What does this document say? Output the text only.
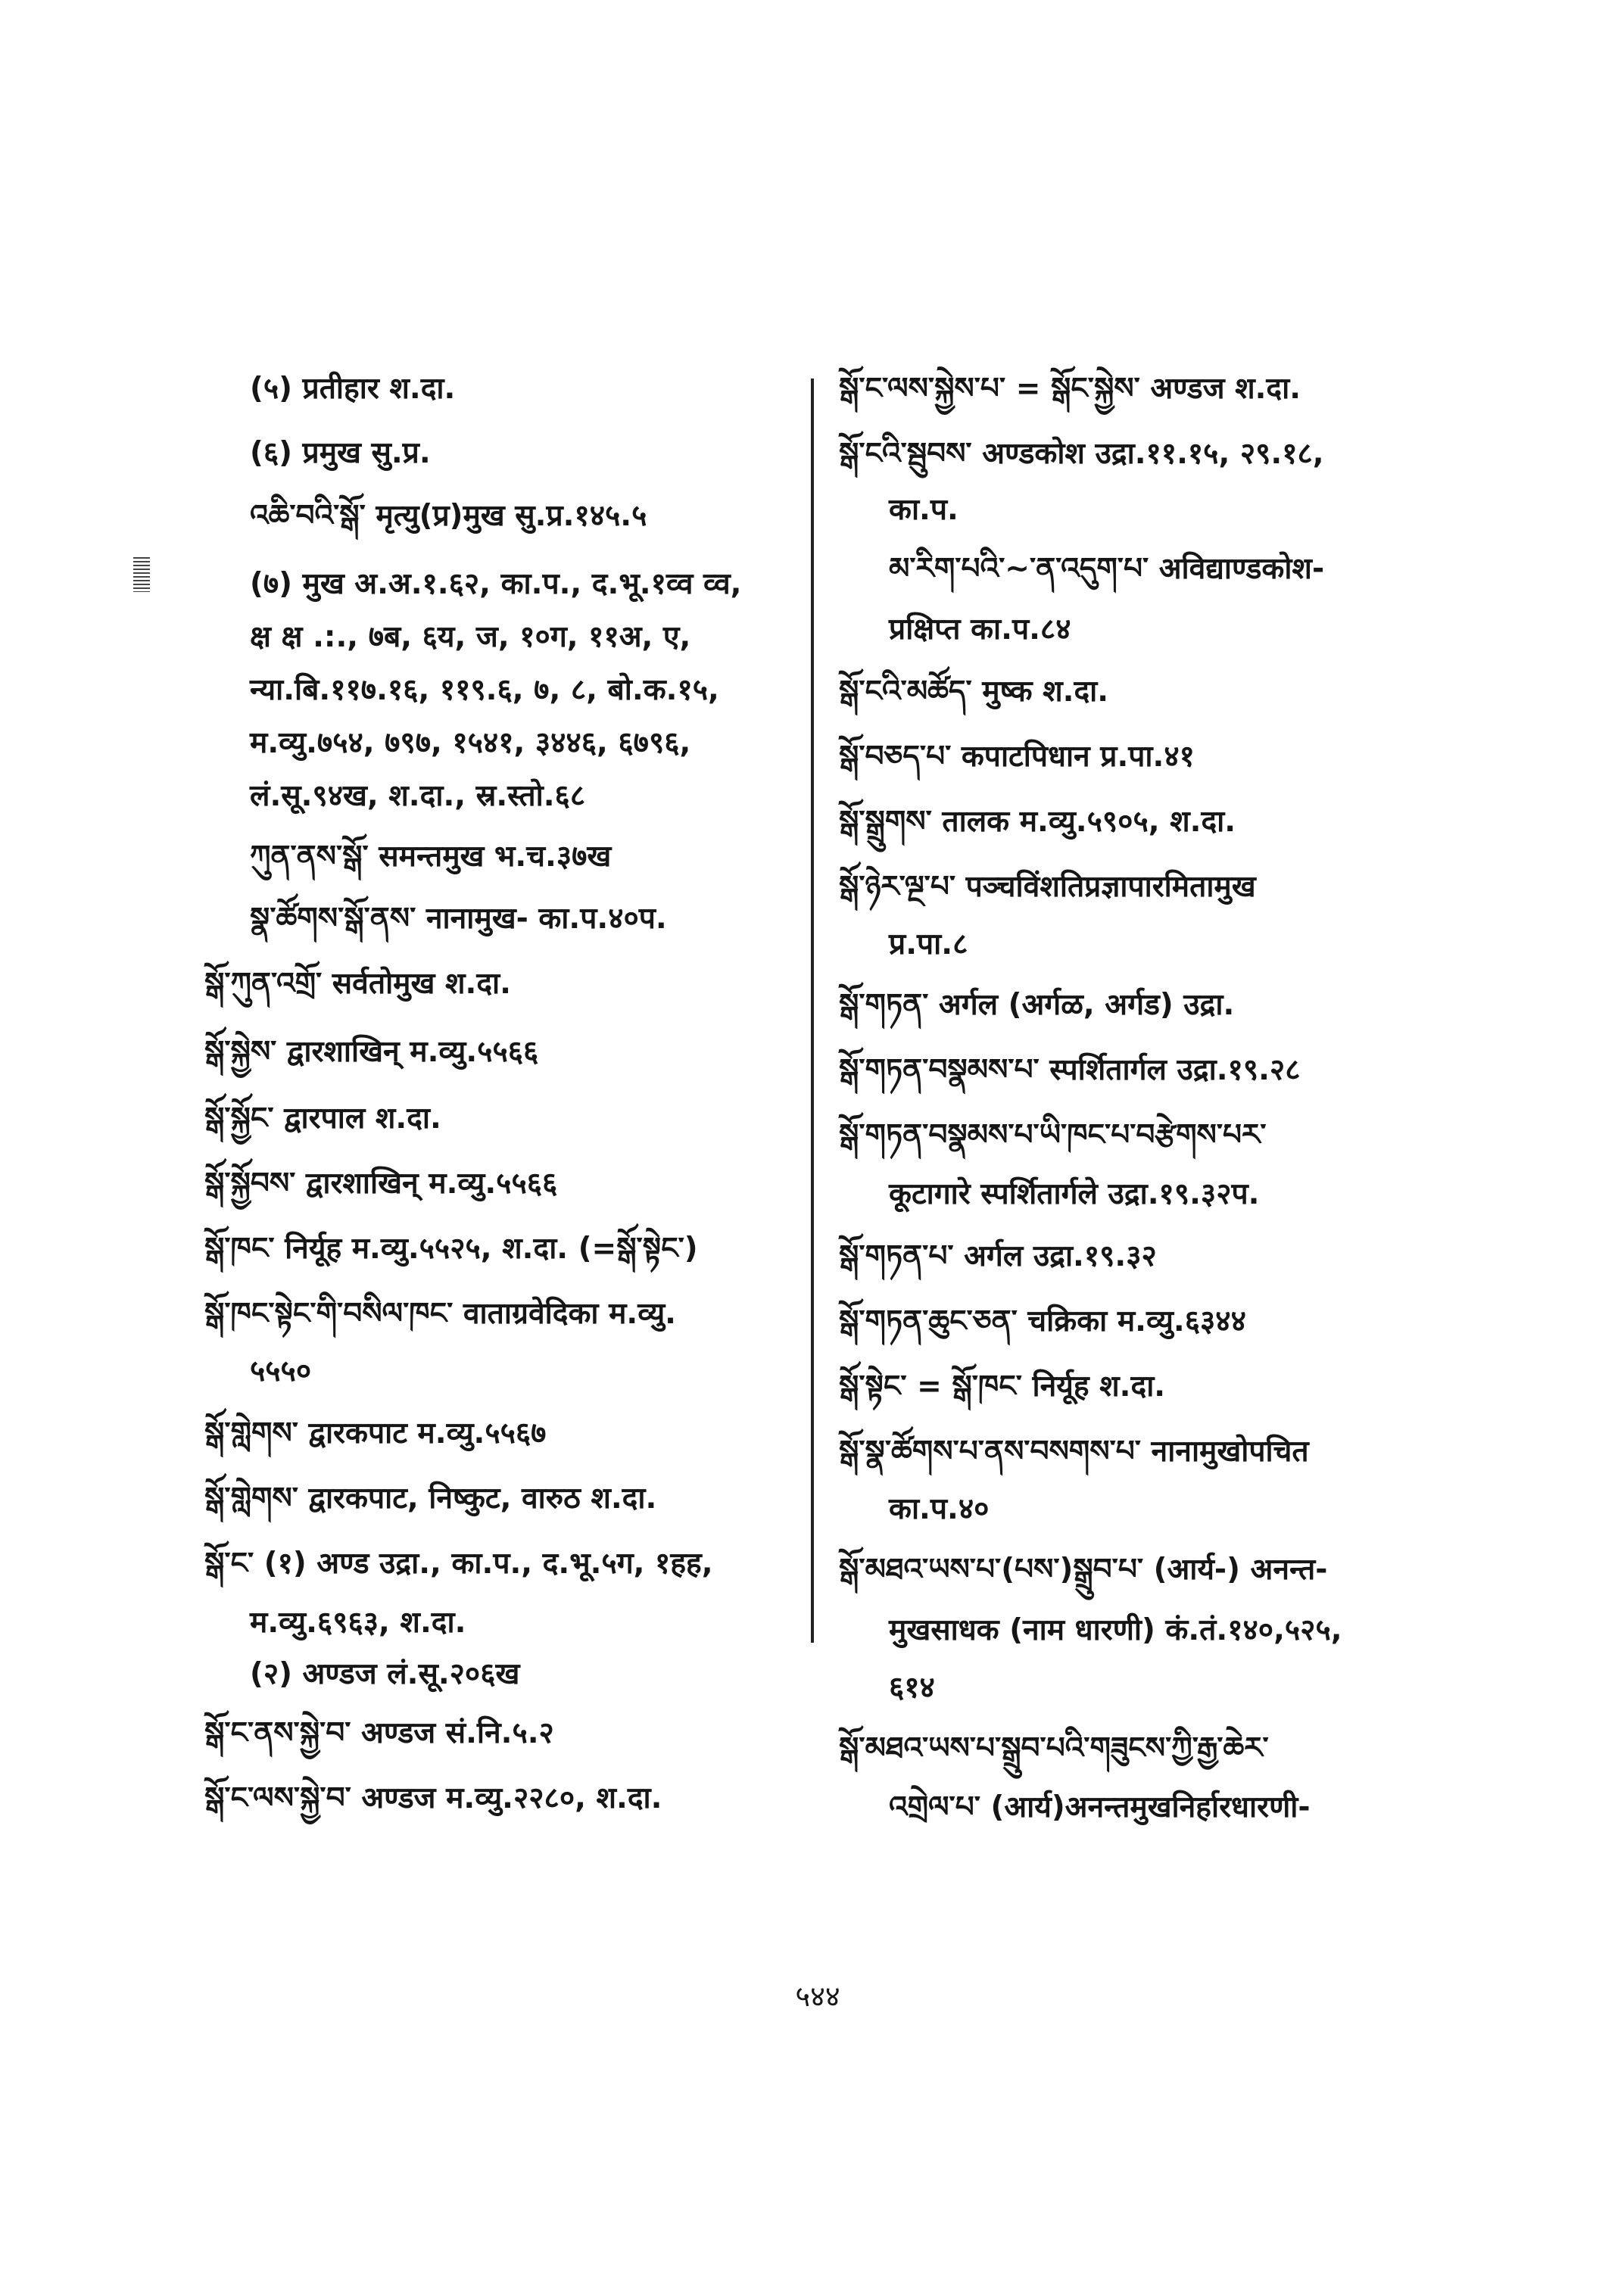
(५) प्रतीहार श.दा.
(६) प्रमुख सु.प्र.
འཆི་བའི་སྒོ་ मृत्यु(प्र)मुख सु.प्र.१४५.५
(७) मुख अ.अ.१.६२, का.प., द.भू.१व्व व्व,
क्ष क्ष .:., ७ब, ६य, ज, १०ग, ११अ, ए,
न्या.बि.११७.१६, ११९.६, ७, ८, बो.क.१५,
म.व्यु.७५४, ७९७, १५४१, ३४४६, ६७९६,
लं.सू.९४ख, श.दा., स्र.स्तो.६८
ཀུན་ནས་སྒོ་ समन्तमुख भ.च.३७ख
སྣ་ཚོགས་སྒོ་ནས་ नानामुख- का.प.४०प.
སྒོ་ཀུན་འགྲོ་ सर्वतोमुख श.दा.
སྒོ་སྐྱེས་ द्वारशाखिन् म.व्यु.५५६६
སྒོ་སྐྱོང་ द्वारपाल श.दा.
སྒོ་སྐྱོབས་ द्वारशाखिन् म.व्यु.५५६६
སྒོ་ཁང་ निर्यूह म.व्यु.५५२५, श.दा. (=སྒོ་སྟེང་)
སྒོ་ཁང་སྟེང་གི་བསིལ་ཁང་ वाताग्रवेदिका म.व्यु.
५५५०
སྒོ་གླེགས་ द्वारकपाट म.व्यु.५५६७
སྒོ་གླེགས་ द्वारकपाट, निष्कुट, वारुठ श.दा.
སྒོ་ང་ (१) अण्ड उद्रा., का.प., द.भू.५ग, १हह,
म.व्यु.६९६३, श.दा.
(२) अण्डज लं.सू.२०६ख
སྒོ་ང་ནས་སྐྱེ་བ་ अण्डज सं.नि.५.२
སྒོ་ང་ལས་སྐྱེ་བ་ अण्डज म.व्यु.२२८०, श.दा.
སྒོ་ང་ལས་སྐྱེས་པ་ = སྒོང་སྐྱེས་ अण्डज श.दा.
སྒོ་ངའི་སྦུབས་ अण्डकोश उद्रा.११.१५, २९.१८,
का.प.
མ་རིག་པའི་~་ན་འདུག་པ་ अविद्याण्डकोश-
प्रक्षिप्त का.प.८४
སྒོ་ངའི་མཚོད་ मुष्क श.दा.
སྒོ་བཅད་པ་ कपाटपिधान प्र.पा.४१
སྒོ་སྒྲུགས་ तालक म.व्यु.५९०५, श.दा.
སྒོ་ཉེར་ལྔ་པ་ पञ्चविंशतिप्रज्ञापारमितामुख
प्र.पा.८
སྒོ་གཏན་ अर्गल (अर्गळ, अर्गड) उद्रा.
སྒོ་གཏན་བསྣམས་པ་ स्पर्शितार्गल उद्रा.१९.२८
སྒོ་གཏན་བསྣམས་པ་ཡི་ཁང་པ་བརྩེགས་པར་
कूटागारे स्पर्शितार्गले उद्रा.१९.३२प.
སྒོ་གཏན་པ་ अर्गल उद्रा.१९.३२
སྒོ་གཏན་ཆུང་ཅན་ चक्रिका म.व्यु.६३४४
སྒོ་སྟེང་ = སྒོ་ཁང་ निर्यूह श.दा.
སྒོ་སྣ་ཚོགས་པ་ནས་བསགས་པ་ नानामुखोपचित
का.प.४०
སྒོ་མཐའ་ཡས་པ་(པས་)སྒྲུབ་པ་ (आर्य-) अनन्त-
मुखसाधक (नाम धारणी) कं.तं.१४०,५२५,
६१४
སྒོ་མཐའ་ཡས་པ་སྒྲུབ་པའི་གཟུངས་ཀྱི་རྒྱ་ཆེར་
འགྲེལ་པ་ (आर्य)अनन्तमुखनिर्हारधारणी-
५४४
